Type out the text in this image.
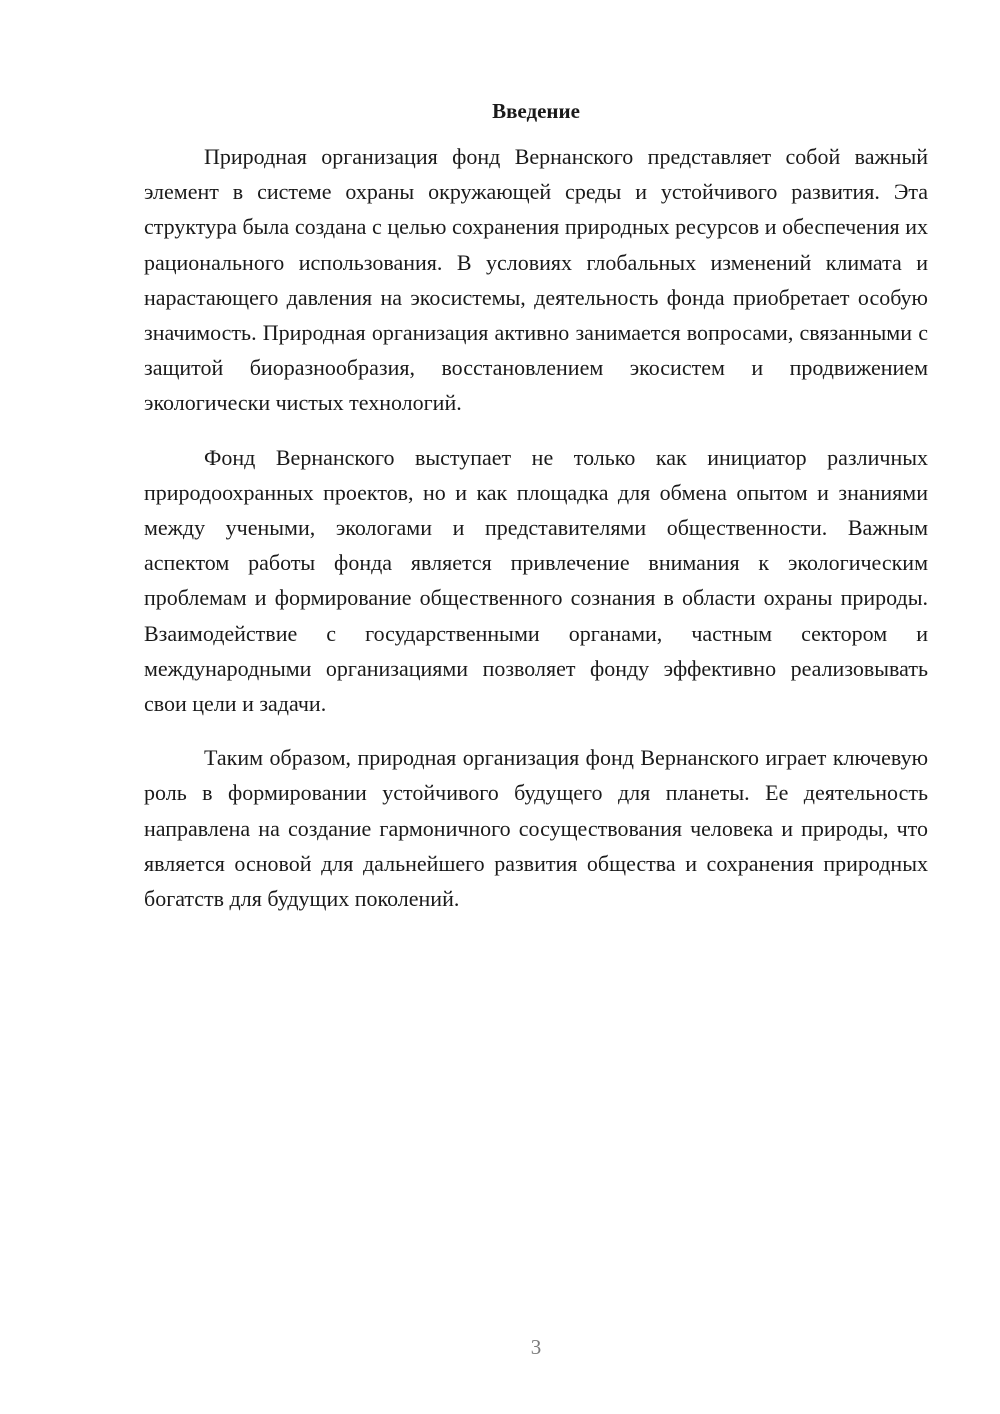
Введение

Природная организация фонд Вернанского представляет собой важный элемент в системе охраны окружающей среды и устойчивого развития. Эта структура была создана с целью сохранения природных ресурсов и обеспечения их рационального использования. В условиях глобальных изменений климата и нарастающего давления на экосистемы, деятельность фонда приобретает особую значимость. Природная организация активно занимается вопросами, связанными с защитой биоразнообразия, восстановлением экосистем и продвижением экологически чистых технологий.

Фонд Вернанского выступает не только как инициатор различных природоохранных проектов, но и как площадка для обмена опытом и знаниями между учеными, экологами и представителями общественности. Важным аспектом работы фонда является привлечение внимания к экологическим проблемам и формирование общественного сознания в области охраны природы. Взаимодействие с государственными органами, частным сектором и международными организациями позволяет фонду эффективно реализовывать свои цели и задачи.

Таким образом, природная организация фонд Вернанского играет ключевую роль в формировании устойчивого будущего для планеты. Ее деятельность направлена на создание гармоничного сосуществования человека и природы, что является основой для дальнейшего развития общества и сохранения природных богатств для будущих поколений.

3
